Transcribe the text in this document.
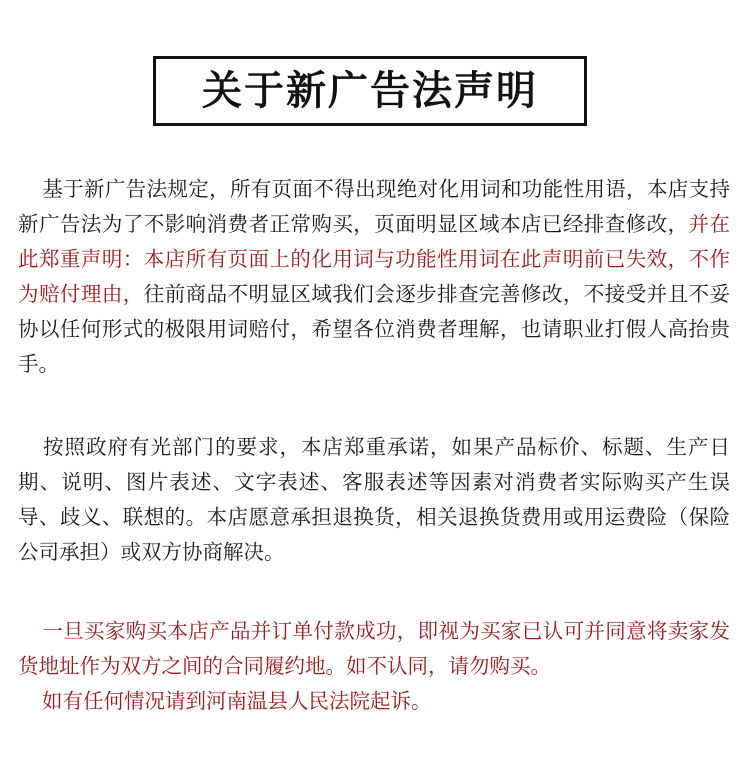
关于新广告法声明

基于新广告法规定，所有页面不得出现绝对化用词和功能性用语，本店支持新广告法为了不影响消费者正常购买，页面明显区域本店已经排查修改，并在此郑重声明：本店所有页面上的化用词与功能性用词在此声明前已失效，不作为赔付理由，往前商品不明显区域我们会逐步排查完善修改，不接受并且不妥协以任何形式的极限用词赔付，希望各位消费者理解，也请职业打假人高抬贵手。

按照政府有光部门的要求，本店郑重承诺，如果产品标价、标题、生产日期、说明、图片表述、文字表述、客服表述等因素对消费者实际购买产生误导、歧义、联想的。本店愿意承担退换货，相关退换货费用或用运费险（保险公司承担）或双方协商解决。

一旦买家购买本店产品并订单付款成功，即视为买家已认可并同意将卖家发货地址作为双方之间的合同履约地。如不认同，请勿购买。
如有任何情况请到河南温县人民法院起诉。
